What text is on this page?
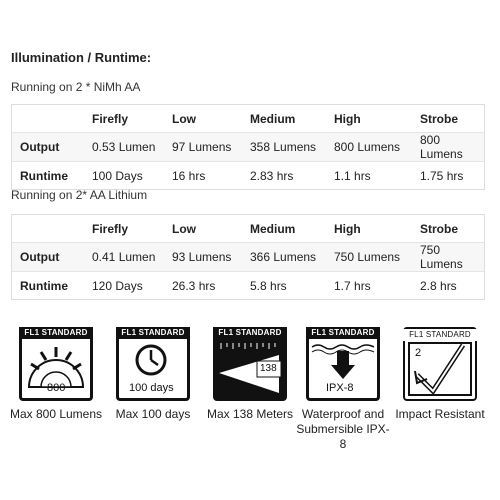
Illumination / Runtime:
Running on 2 * NiMh AA
	Firefly	Low	Medium	High	Strobe
Output	0.53 Lumen	97 Lumens	358 Lumens	800 Lumens	800 Lumens
Runtime	100 Days	16 hrs	2.83 hrs	1.1 hrs	1.75 hrs
Running on 2* AA Lithium
	Firefly	Low	Medium	High	Strobe
Output	0.41 Lumen	93 Lumens	366 Lumens	750 Lumens	750 Lumens
Runtime	120 Days	26.3 hrs	5.8 hrs	1.7 hrs	2.8 hrs
FL1 STANDARD
800
Max 800 Lumens
FL1 STANDARD
100 days
Max 100 days
FL1 STANDARD
138
Max 138 Meters
FL1 STANDARD
IPX-8
Waterproof and Submersible IPX-8
FL1 STANDARD
2
Impact Resistant
